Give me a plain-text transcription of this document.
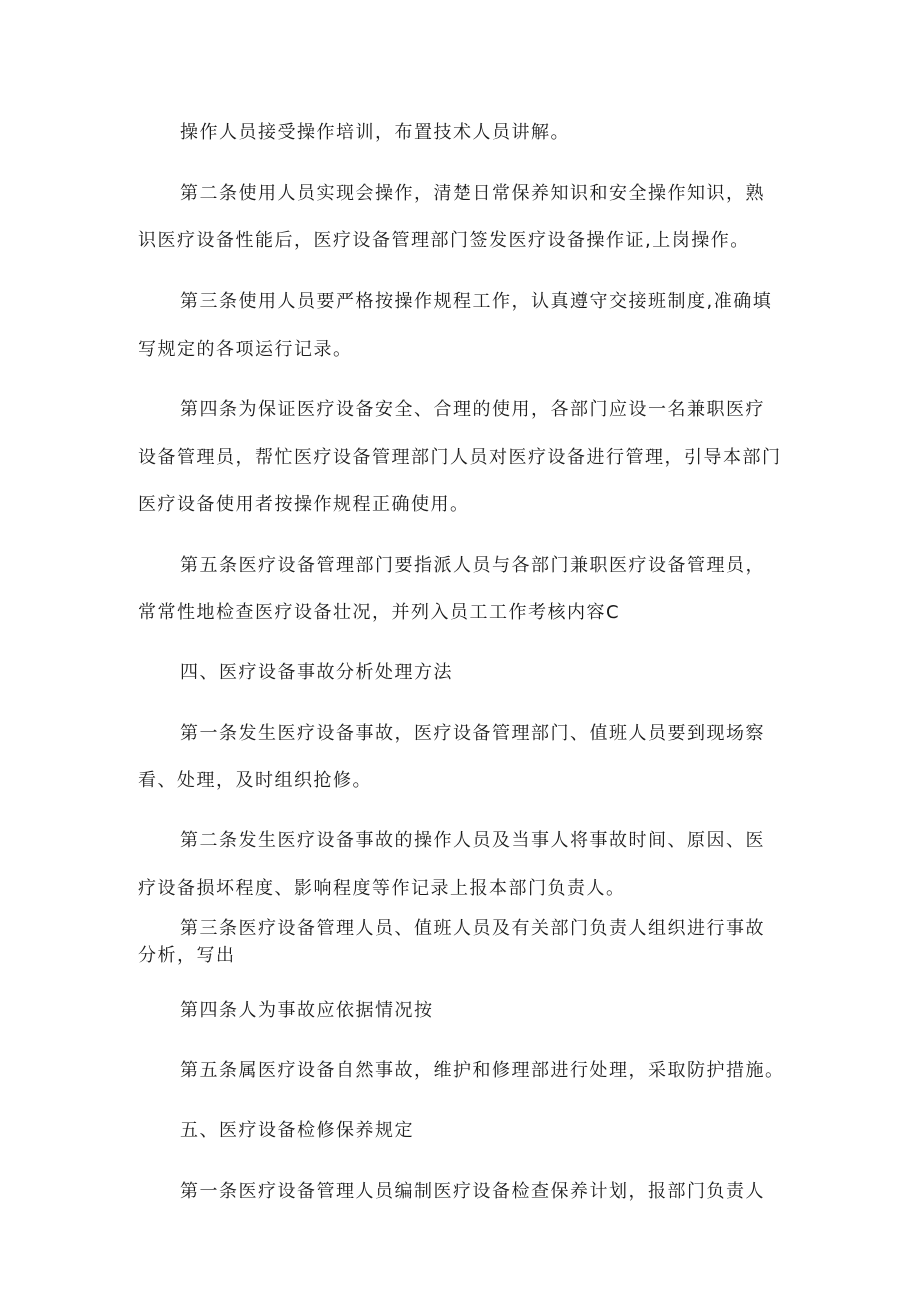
操作人员接受操作培训，布置技术人员讲解。
第二条使用人员实现会操作，清楚日常保养知识和安全操作知识，熟
识医疗设备性能后，医疗设备管理部门签发医疗设备操作证,上岗操作。
第三条使用人员要严格按操作规程工作，认真遵守交接班制度,准确填
写规定的各项运行记录。
第四条为保证医疗设备安全、合理的使用，各部门应设一名兼职医疗
设备管理员，帮忙医疗设备管理部门人员对医疗设备进行管理，引导本部门
医疗设备使用者按操作规程正确使用。
第五条医疗设备管理部门要指派人员与各部门兼职医疗设备管理员，
常常性地检查医疗设备壮况，并列入员工工作考核内容C
四、医疗设备事故分析处理方法
第一条发生医疗设备事故，医疗设备管理部门、值班人员要到现场察
看、处理，及时组织抢修。
第二条发生医疗设备事故的操作人员及当事人将事故时间、原因、医
疗设备损坏程度、影响程度等作记录上报本部门负责人。
第三条医疗设备管理人员、值班人员及有关部门负责人组织进行事故
分析，写出
第四条人为事故应依据情况按
第五条属医疗设备自然事故，维护和修理部进行处理，采取防护措施。
五、医疗设备检修保养规定
第一条医疗设备管理人员编制医疗设备检查保养计划，报部门负责人
